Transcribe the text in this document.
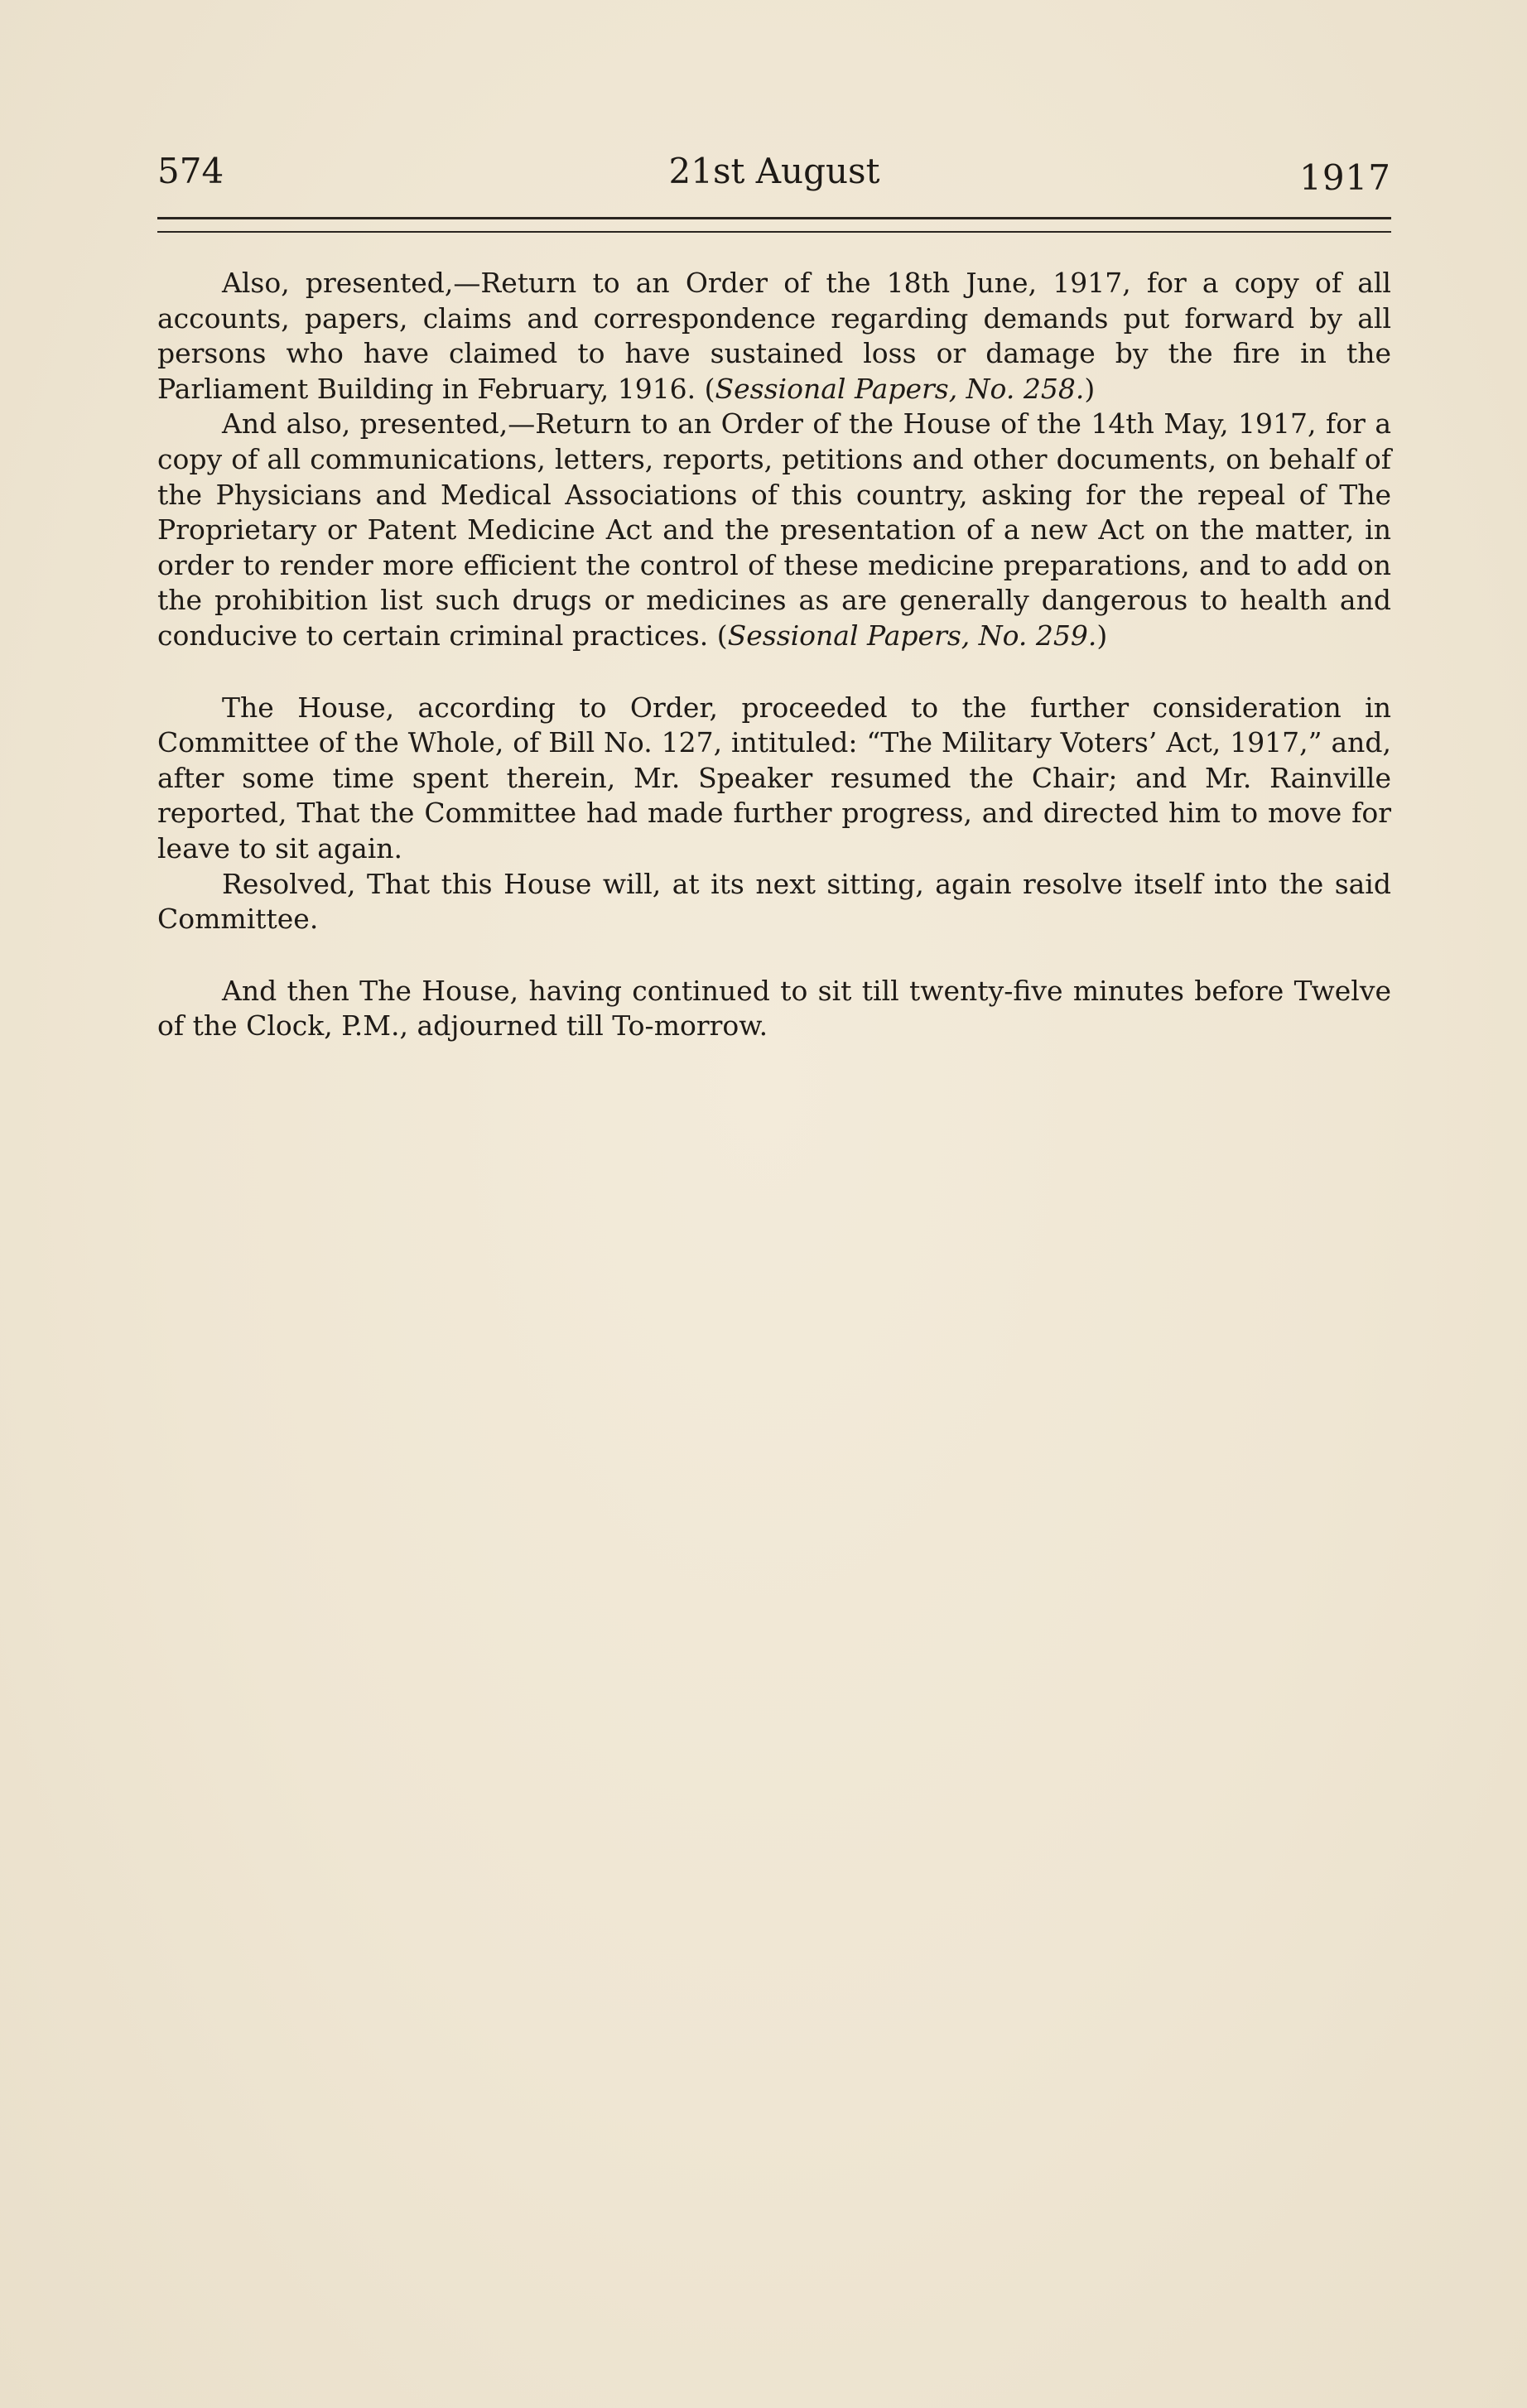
574	21st August	1917

Also, presented,—Return to an Order of the 18th June, 1917, for a copy of all accounts, papers, claims and correspondence regarding demands put forward by all persons who have claimed to have sustained loss or damage by the fire in the Parliament Building in February, 1916. (Sessional Papers, No. 258.)

And also, presented,—Return to an Order of the House of the 14th May, 1917, for a copy of all communications, letters, reports, petitions and other documents, on behalf of the Physicians and Medical Associations of this country, asking for the repeal of The Proprietary or Patent Medicine Act and the presentation of a new Act on the matter, in order to render more efficient the control of these medicine preparations, and to add on the prohibition list such drugs or medicines as are generally dangerous to health and conducive to certain criminal practices. (Sessional Papers, No. 259.)

The House, according to Order, proceeded to the further consideration in Committee of the Whole, of Bill No. 127, intituled: “The Military Voters’ Act, 1917,” and, after some time spent therein, Mr. Speaker resumed the Chair; and Mr. Rainville reported, That the Committee had made further progress, and directed him to move for leave to sit again.

Resolved, That this House will, at its next sitting, again resolve itself into the said Committee.

And then The House, having continued to sit till twenty-five minutes before Twelve of the Clock, P.M., adjourned till To-morrow.
